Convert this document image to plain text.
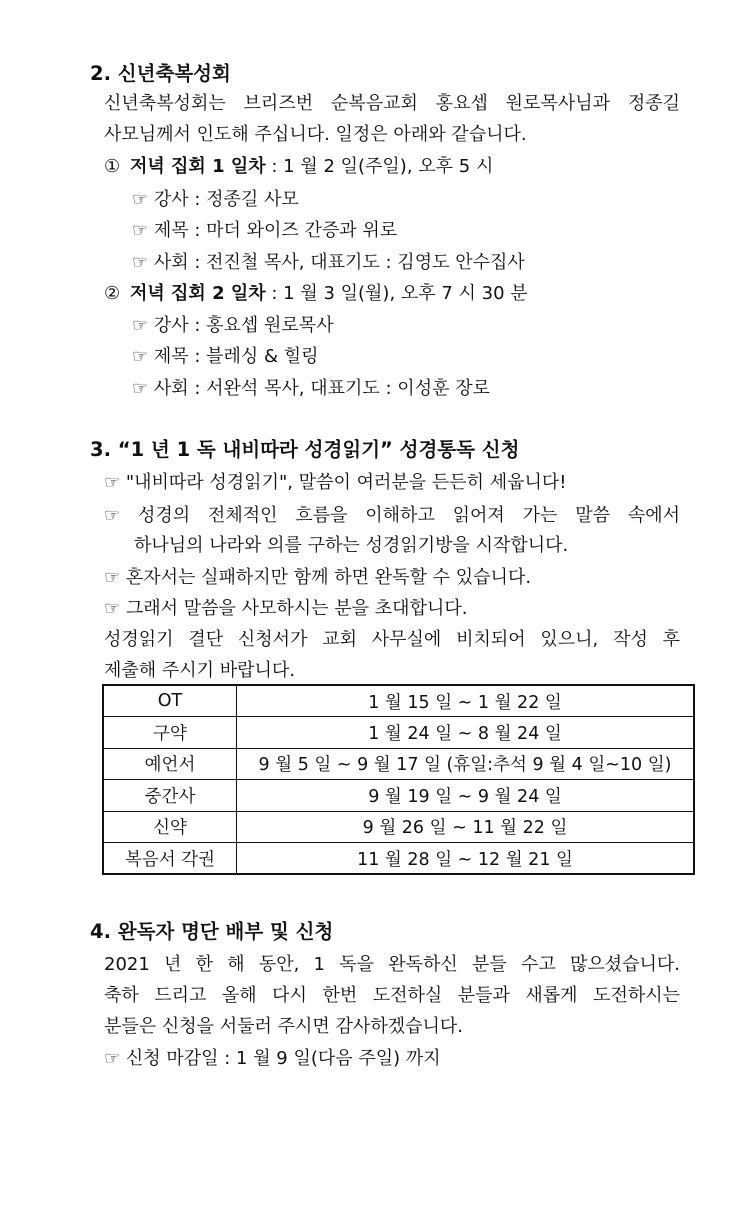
2. 신년축복성회
신년축복성회는 브리즈번 순복음교회 홍요셉 원로목사님과 정종길
사모님께서 인도해 주십니다. 일정은 아래와 같습니다.
① 저녁 집회 1 일차 : 1 월 2 일(주일), 오후 5 시
☞ 강사 : 정종길 사모
☞ 제목 : 마더 와이즈 간증과 위로
☞ 사회 : 전진철 목사, 대표기도 : 김영도 안수집사
② 저녁 집회 2 일차 : 1 월 3 일(월), 오후 7 시 30 분
☞ 강사 : 홍요셉 원로목사
☞ 제목 : 블레싱 & 힐링
☞ 사회 : 서완석 목사, 대표기도 : 이성훈 장로
3. “1 년 1 독 내비따라 성경읽기” 성경통독 신청
☞ "내비따라 성경읽기", 말씀이 여러분을 든든히 세웁니다!
☞ 성경의 전체적인 흐름을 이해하고 읽어져 가는 말씀 속에서
하나님의 나라와 의를 구하는 성경읽기방을 시작합니다.
☞ 혼자서는 실패하지만 함께 하면 완독할 수 있습니다.
☞ 그래서 말씀을 사모하시는 분을 초대합니다.
성경읽기 결단 신청서가 교회 사무실에 비치되어 있으니, 작성 후
제출해 주시기 바랍니다.
OT	1 월 15 일 ~ 1 월 22 일
구약	1 월 24 일 ~ 8 월 24 일
예언서	9 월 5 일 ~ 9 월 17 일 (휴일:추석 9 월 4 일~10 일)
중간사	9 월 19 일 ~ 9 월 24 일
신약	9 월 26 일 ~ 11 월 22 일
복음서 각권	11 월 28 일 ~ 12 월 21 일
4. 완독자 명단 배부 및 신청
2021 년 한 해 동안, 1 독을 완독하신 분들 수고 많으셨습니다.
축하 드리고 올해 다시 한번 도전하실 분들과 새롭게 도전하시는
분들은 신청을 서둘러 주시면 감사하겠습니다.
☞ 신청 마감일 : 1 월 9 일(다음 주일) 까지
